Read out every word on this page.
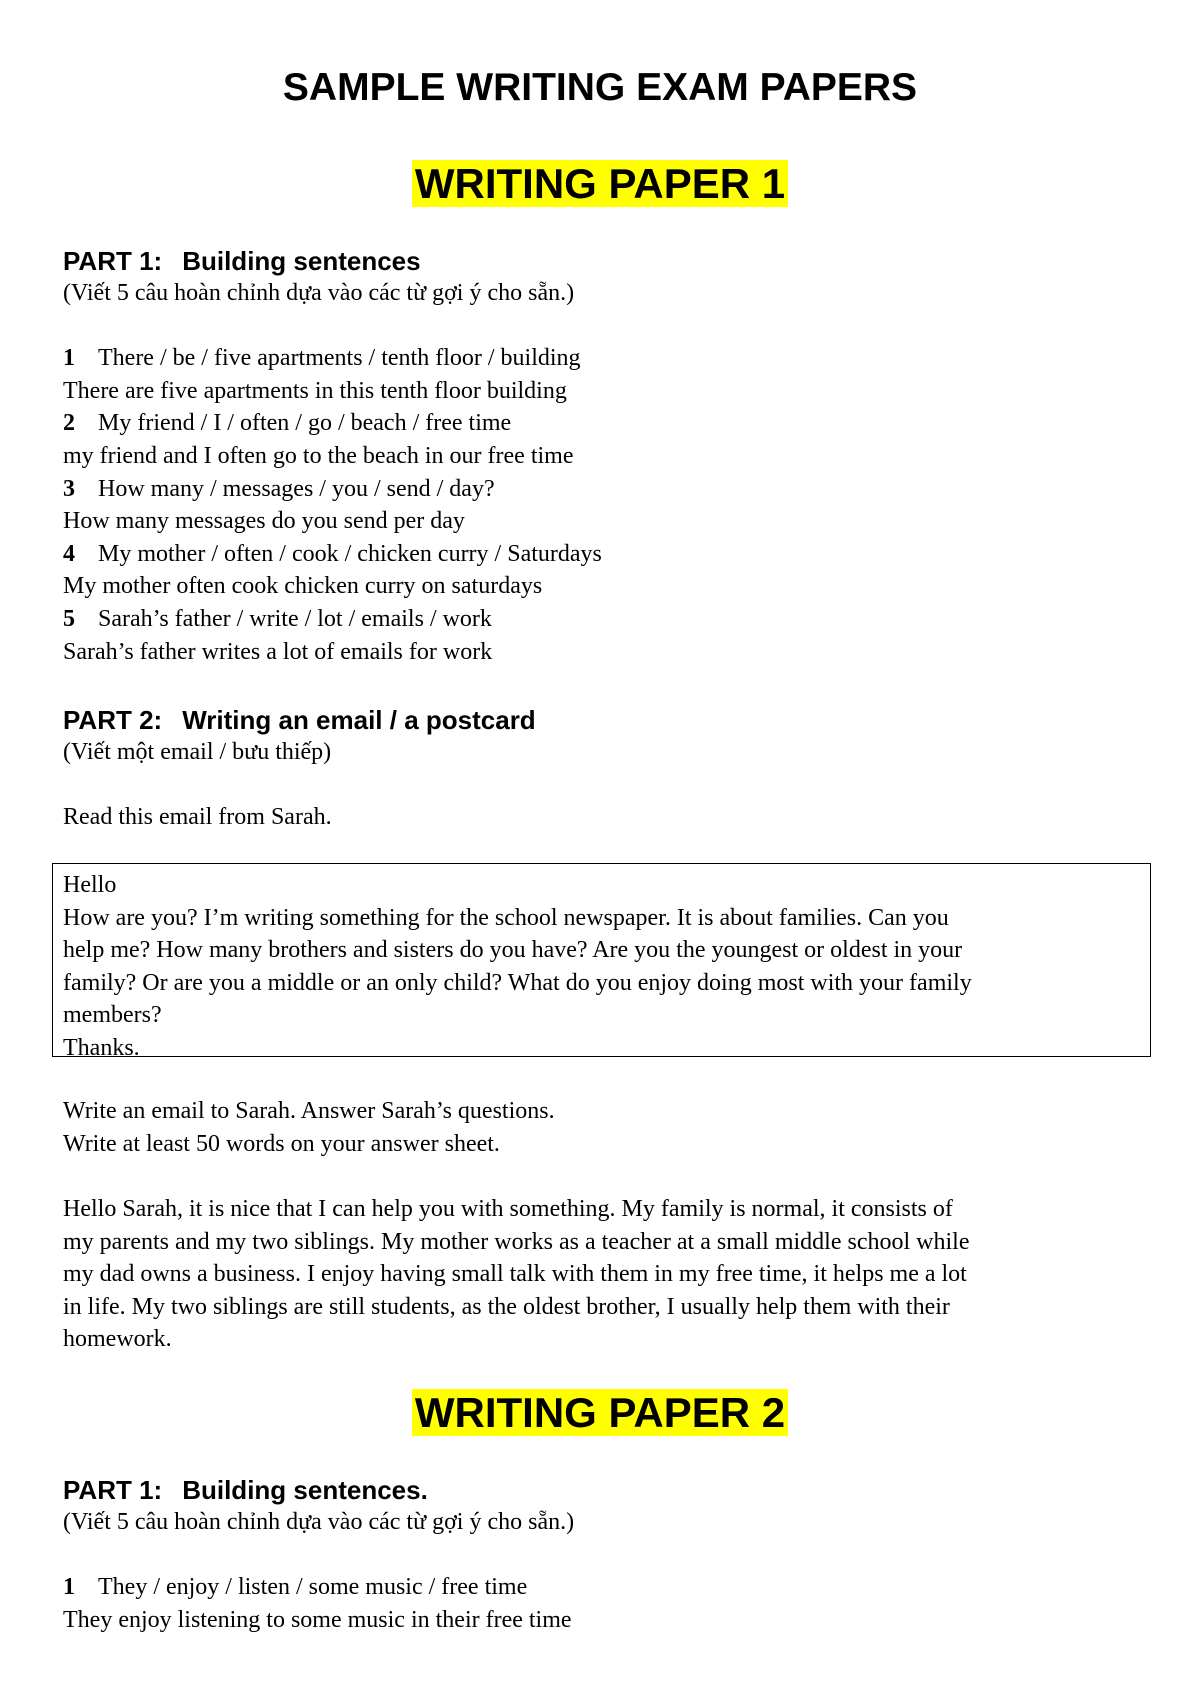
SAMPLE WRITING EXAM PAPERS
WRITING PAPER 1
PART 1: Building sentences
(Viết 5 câu hoàn chỉnh dựa vào các từ gợi ý cho sẵn.)
1 There / be / five apartments / tenth floor / building
There are five apartments in this tenth floor building
2 My friend / I / often / go / beach / free time
my friend and I often go to the beach in our free time
3 How many / messages / you / send / day?
How many messages do you send per day
4 My mother / often / cook / chicken curry / Saturdays
My mother often cook chicken curry on saturdays
5 Sarah’s father / write / lot / emails / work
Sarah’s father writes a lot of emails for work
PART 2: Writing an email / a postcard
(Viết một email / bưu thiếp)
Read this email from Sarah.
Hello
How are you? I’m writing something for the school newspaper. It is about families. Can you
help me? How many brothers and sisters do you have? Are you the youngest or oldest in your
family? Or are you a middle or an only child? What do you enjoy doing most with your family
members?
Thanks.
Write an email to Sarah. Answer Sarah’s questions.
Write at least 50 words on your answer sheet.
Hello Sarah, it is nice that I can help you with something. My family is normal, it consists of
my parents and my two siblings. My mother works as a teacher at a small middle school while
my dad owns a business. I enjoy having small talk with them in my free time, it helps me a lot
in life. My two siblings are still students, as the oldest brother, I usually help them with their
homework.
WRITING PAPER 2
PART 1: Building sentences.
(Viết 5 câu hoàn chỉnh dựa vào các từ gợi ý cho sẵn.)
1 They / enjoy / listen / some music / free time
They enjoy listening to some music in their free time
